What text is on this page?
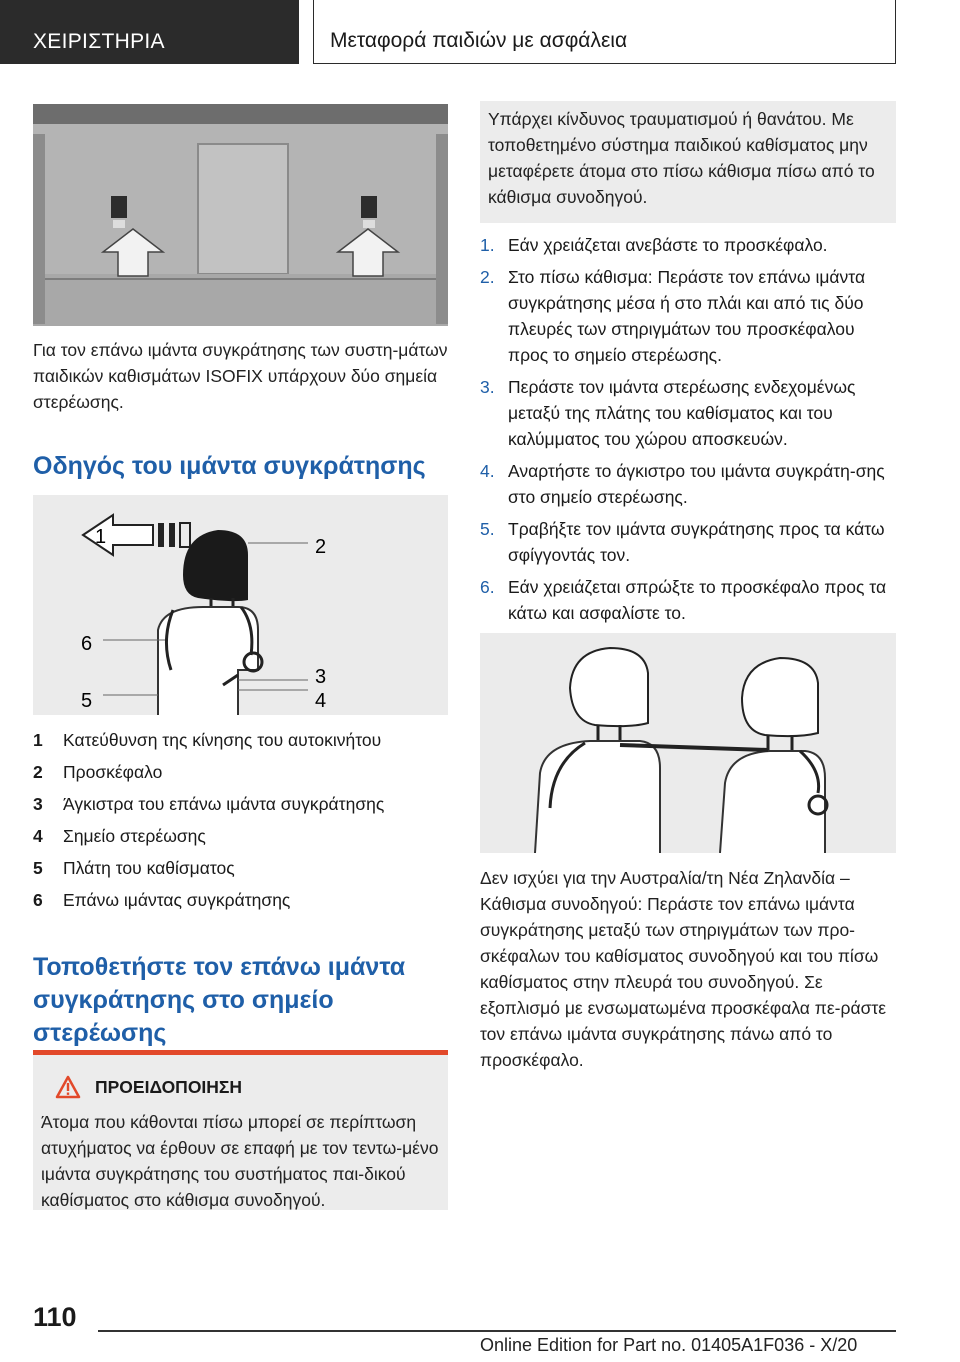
ΧΕΙΡΙΣΤΗΡΙΑ	Μεταφορά παιδιών με ασφάλεια
Για τον επάνω ιμάντα συγκράτησης των συστη-μάτων παιδικών καθισμάτων ISOFIX υπάρχουν δύο σημεία στερέωσης.
Οδηγός του ιμάντα συγκράτησης
1	2
3
4
5
6
1	Κατεύθυνση της κίνησης του αυτοκινήτου
2	Προσκέφαλο
3	Άγκιστρα του επάνω ιμάντα συγκράτησης
4	Σημείο στερέωσης
5	Πλάτη του καθίσματος
6	Επάνω ιμάντας συγκράτησης
Τοποθετήστε τον επάνω ιμάντα συγκράτησης στο σημείο στερέωσης
ΠΡΟΕΙΔΟΠΟΙΗΣΗ
Άτομα που κάθονται πίσω μπορεί σε περίπτωση ατυχήματος να έρθουν σε επαφή με τον τεντω-μένο ιμάντα συγκράτησης του συστήματος παι-δικού καθίσματος στο κάθισμα συνοδηγού.
Υπάρχει κίνδυνος τραυματισμού ή θανάτου. Με τοποθετημένο σύστημα παιδικού καθίσματος μην μεταφέρετε άτομα στο πίσω κάθισμα πίσω από το κάθισμα συνοδηγού.
1. Εάν χρειάζεται ανεβάστε το προσκέφαλο.
2. Στο πίσω κάθισμα: Περάστε τον επάνω ιμάντα συγκράτησης μέσα ή στο πλάι και από τις δύο πλευρές των στηριγμάτων του προσκέφαλου προς το σημείο στερέωσης.
3. Περάστε τον ιμάντα στερέωσης ενδεχομένως μεταξύ της πλάτης του καθίσματος και του καλύμματος του χώρου αποσκευών.
4. Αναρτήστε το άγκιστρο του ιμάντα συγκράτη-σης στο σημείο στερέωσης.
5. Τραβήξτε τον ιμάντα συγκράτησης προς τα κάτω σφίγγοντάς τον.
6. Εάν χρειάζεται σπρώξτε το προσκέφαλο προς τα κάτω και ασφαλίστε το.
Δεν ισχύει για την Αυστραλία/τη Νέα Ζηλανδία – Κάθισμα συνοδηγού: Περάστε τον επάνω ιμάντα συγκράτησης μεταξύ των στηριγμάτων των προ-σκέφαλων του καθίσματος συνοδηγού και του πίσω καθίσματος στην πλευρά του συνοδηγού. Σε εξοπλισμό με ενσωματωμένα προσκέφαλα πε-ράστε τον επάνω ιμάντα συγκράτησης πάνω από το προσκέφαλο.
110
Online Edition for Part no. 01405A1F036 - X/20
